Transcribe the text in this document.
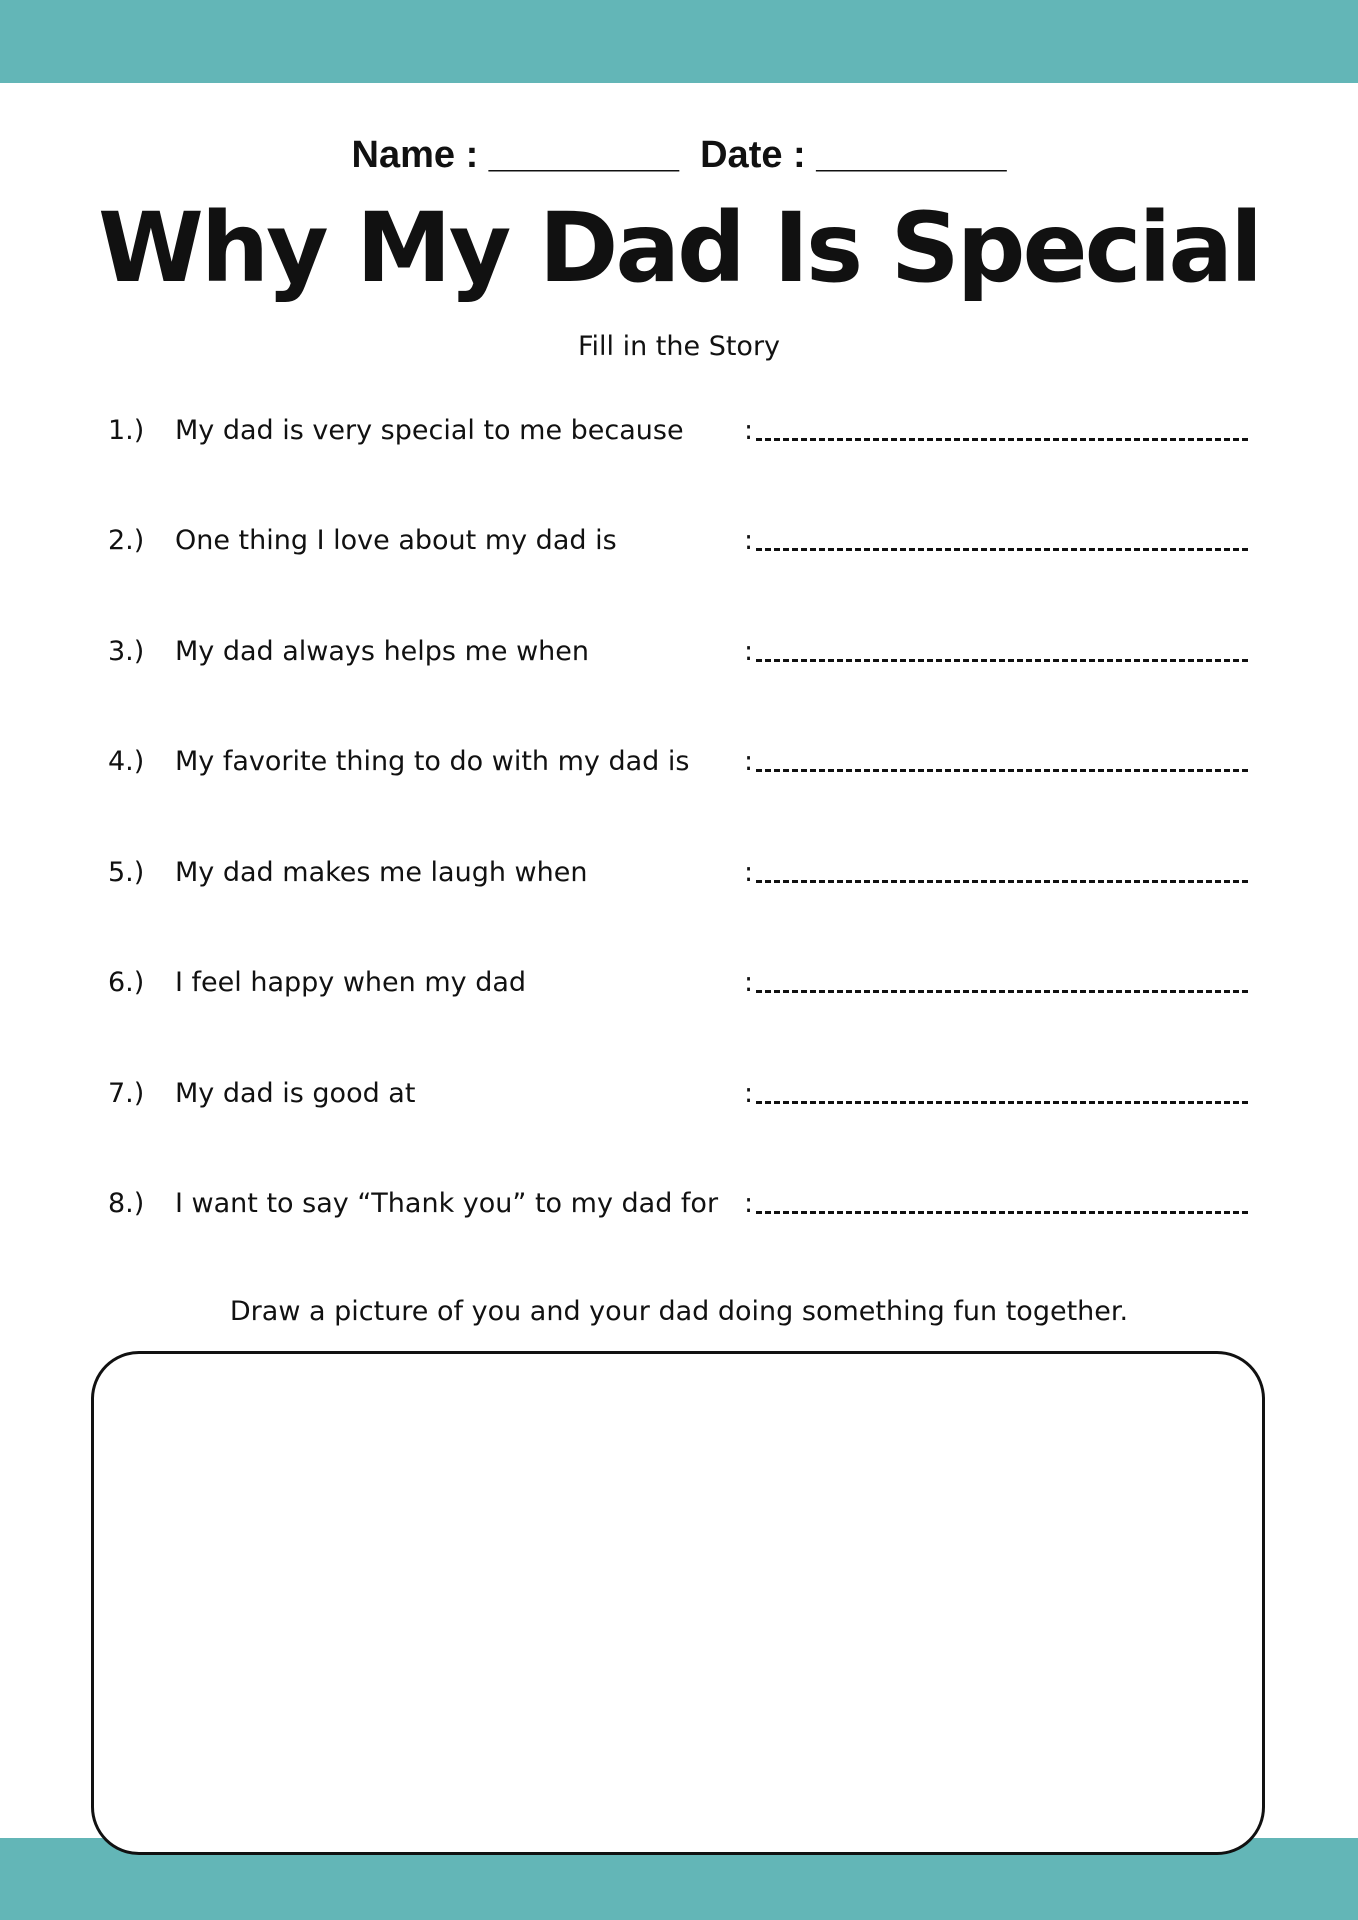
Name : _________  Date : _________
Why My Dad Is Special
Fill in the Story
1.) My dad is very special to me because :
2.) One thing I love about my dad is	:
3.) My dad always helps me when	:
4.) My favorite thing to do with my dad is :
5.) My dad makes me laugh when	:
6.) I feel happy when my dad	:
7.) My dad is good at	:
8.) I want to say “Thank you” to my dad for :
Draw a picture of you and your dad doing something fun together.
